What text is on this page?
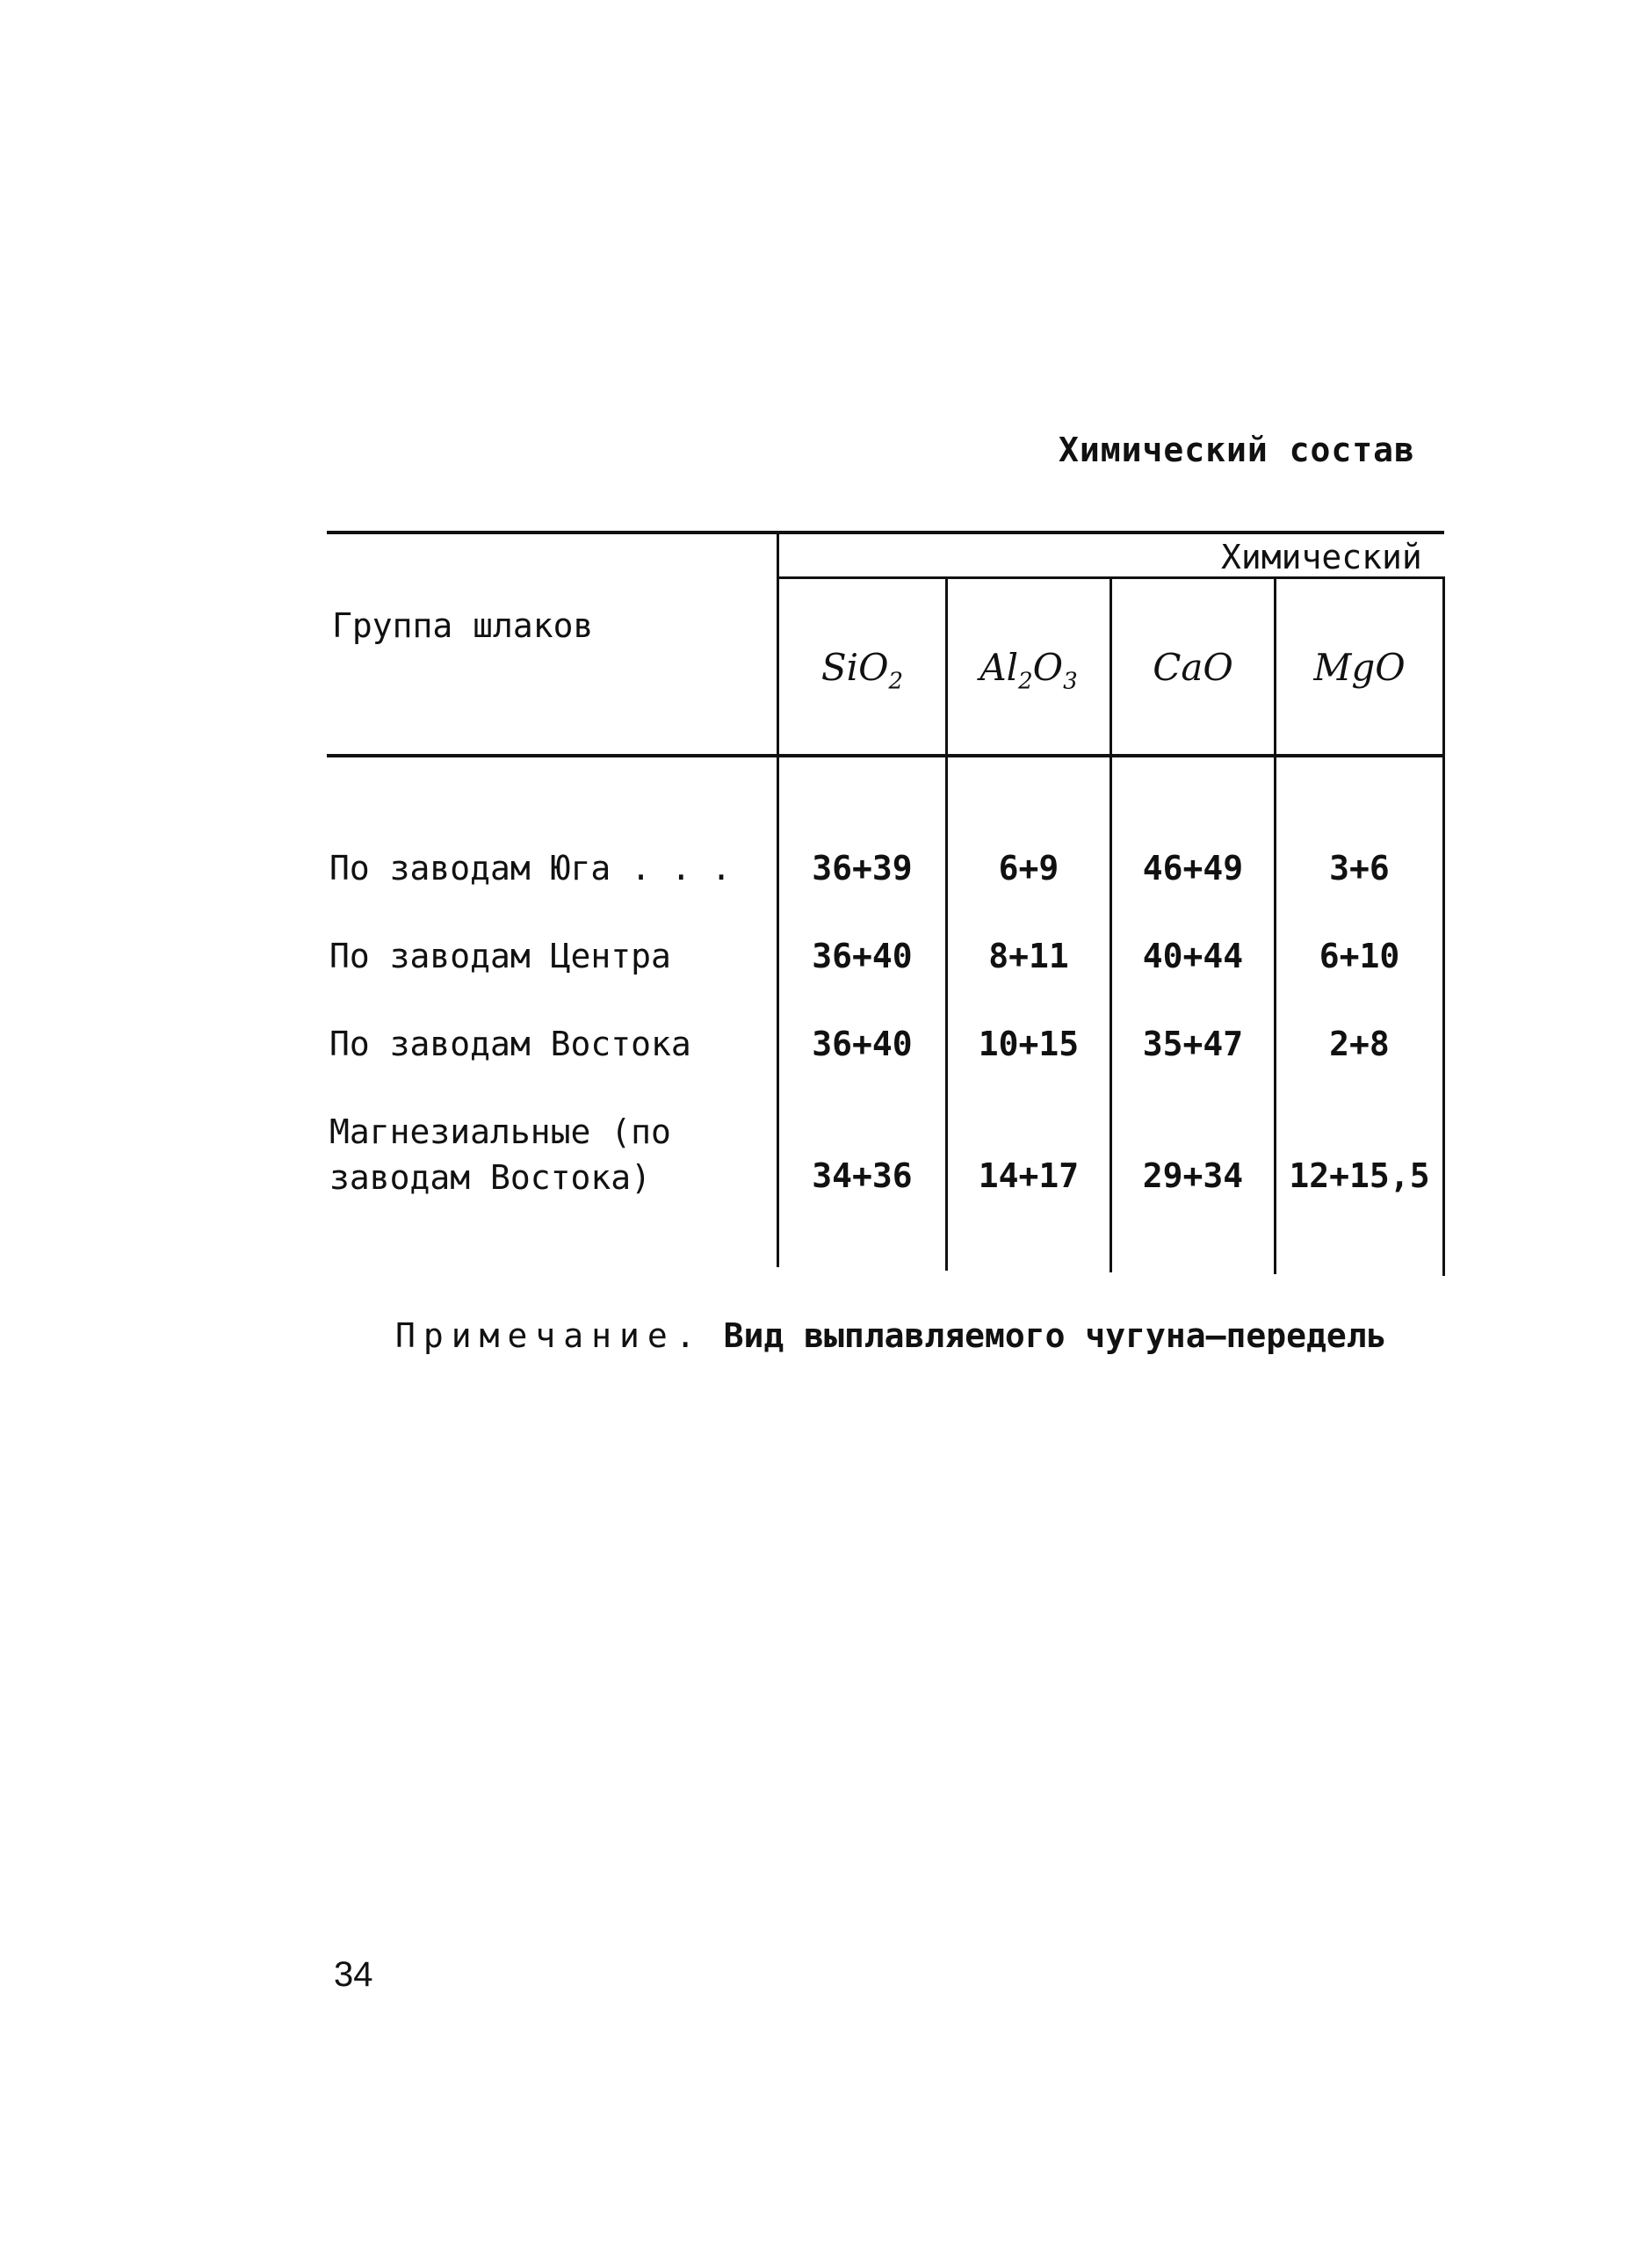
Химический состав
Группа шлаков
Химический
SiO$_2$	$Al_2O_3$	CaO	MgO
По заводам Юга . . .	36+39	6+9	46+49	3+6
По заводам Центра	36+40	8+11	40+44	6+10
По заводам Востока	36+40	10+15	35+47	2+8
Магнезиальные (по
заводам Востока)	34+36	14+17	29+34	12+15,5
Примечание. Вид выплавляемого чугуна–передель
34
